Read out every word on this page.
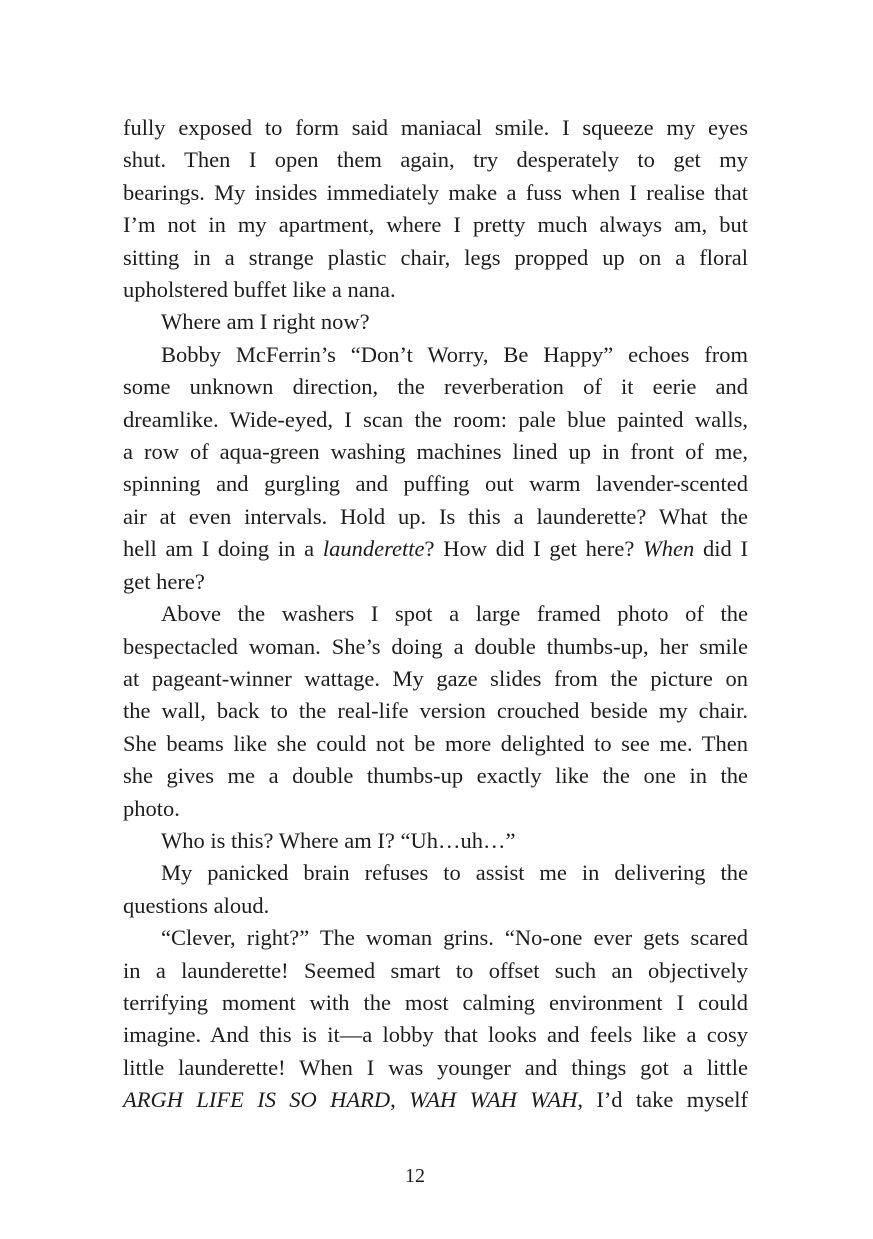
fully exposed to form said maniacal smile. I squeeze my eyes
shut. Then I open them again, try desperately to get my
bearings. My insides immediately make a fuss when I realise that
I’m not in my apartment, where I pretty much always am, but
sitting in a strange plastic chair, legs propped up on a floral
upholstered buffet like a nana.
Where am I right now?
Bobby McFerrin’s “Don’t Worry, Be Happy” echoes from
some unknown direction, the reverberation of it eerie and
dreamlike. Wide-eyed, I scan the room: pale blue painted walls,
a row of aqua-green washing machines lined up in front of me,
spinning and gurgling and puffing out warm lavender-scented
air at even intervals. Hold up. Is this a launderette? What the
hell am I doing in a launderette? How did I get here? When did I
get here?
Above the washers I spot a large framed photo of the
bespectacled woman. She’s doing a double thumbs-up, her smile
at pageant-winner wattage. My gaze slides from the picture on
the wall, back to the real-life version crouched beside my chair.
She beams like she could not be more delighted to see me. Then
she gives me a double thumbs-up exactly like the one in the
photo.
Who is this? Where am I? “Uh…uh…”
My panicked brain refuses to assist me in delivering the
questions aloud.
“Clever, right?” The woman grins. “No-one ever gets scared
in a launderette! Seemed smart to offset such an objectively
terrifying moment with the most calming environment I could
imagine. And this is it—a lobby that looks and feels like a cosy
little launderette! When I was younger and things got a little
ARGH LIFE IS SO HARD, WAH WAH WAH, I’d take myself
12
